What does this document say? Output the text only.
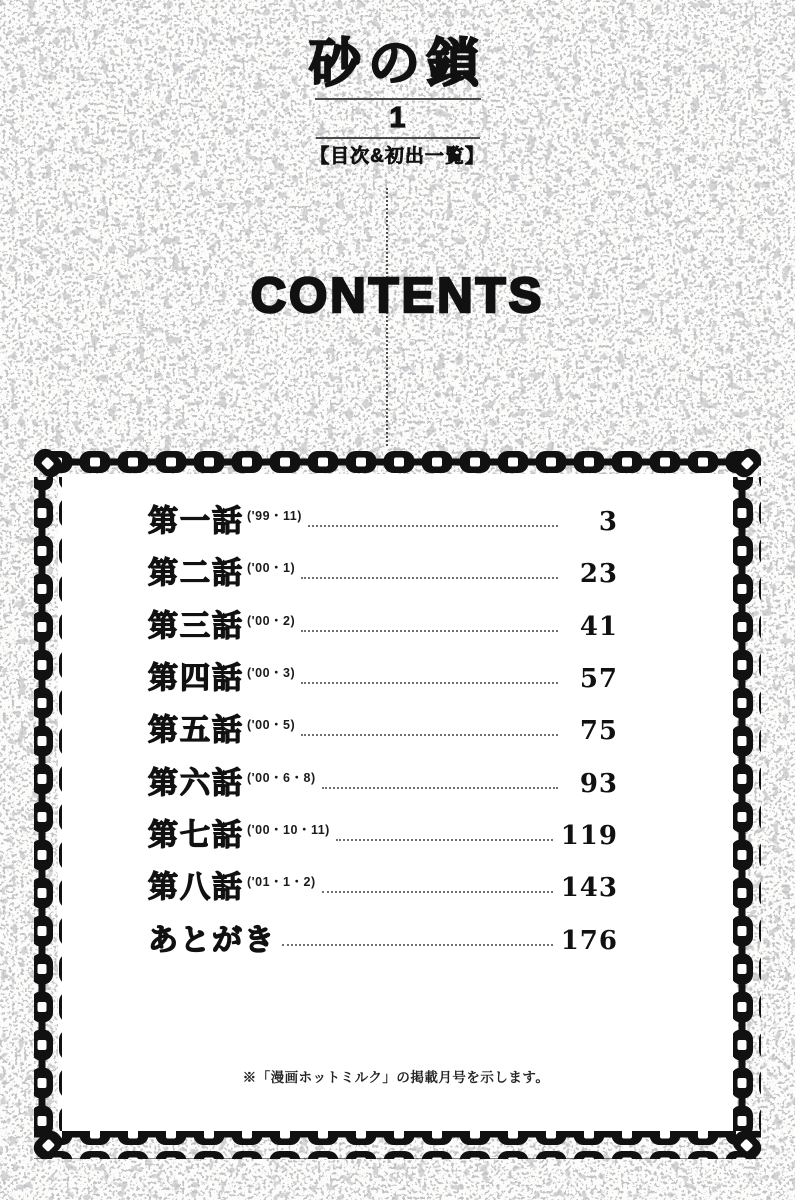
砂の鎖
1
【目次&初出一覧】
CONTENTS
第一話 ('99・11)	3
第二話 ('00・1)	23
第三話 ('00・2)	41
第四話 ('00・3)	57
第五話 ('00・5)	75
第六話 ('00・6・8)	93
第七話 ('00・10・11)	119
第八話 ('01・1・2)	143
あとがき	176
※「漫画ホットミルク」の掲載月号を示します。
